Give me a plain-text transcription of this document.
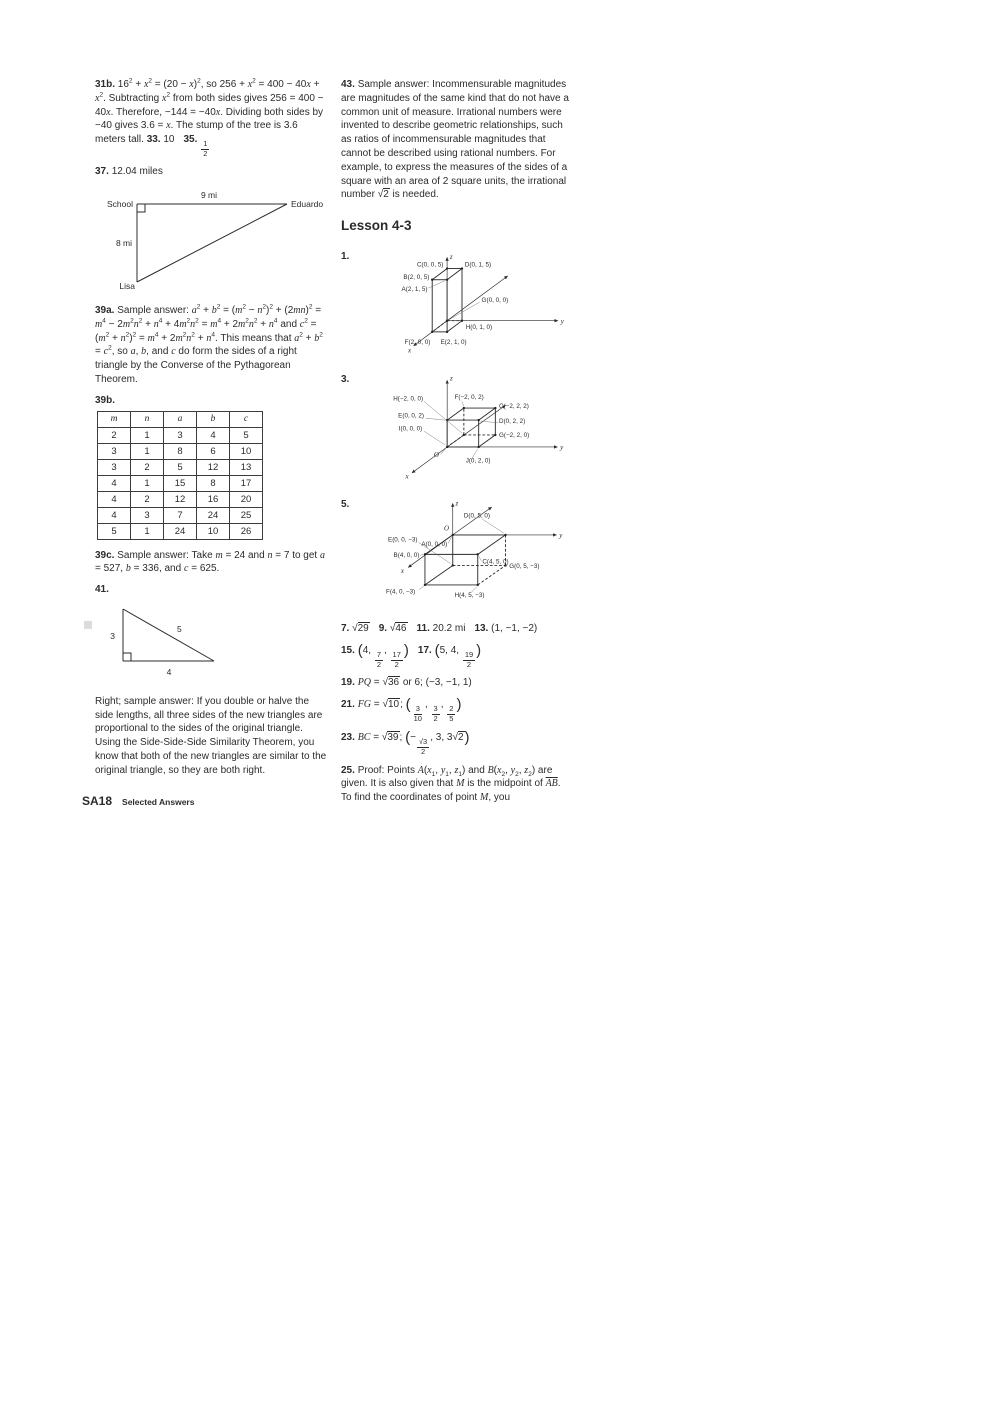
31b. $16^2 + x^2 = (20 - x)^2$, so $256 + x^2 = 400 - 40x + x^2$. Subtracting $x^2$ from both sides gives 256 = 400 − 40x. Therefore, −144 = −40x. Dividing both sides by −40 gives 3.6 = x. The stump of the tree is 3.6 meters tall. 33. 10 35.
$\frac{1}{2}$

37. 12.04 miles

School
9 mi
Eduardo
8 mi
Lisa

39a. Sample answer: $a^2 + b^2 = (m^2 - n^2)^2 + (2mn)^2 = m^4 - 2m^2n^2 + n^4 + 4m^2n^2 = m^4 + 2m^2n^2 + n^4$ and $c^2 = (m^2 + n^2)^2 = m^4 + 2m^2n^2 + n^4$. This means that $a^2 + b^2 = c^2$, so a, b, and c do form the sides of a right triangle by the Converse of the Pythagorean Theorem.

39b.

m	n	a	b	c
2	1	3	4	5
3	1	8	6	10
3	2	5	12	13
4	1	15	8	17
4	2	12	16	20
4	3	7	24	25
5	1	24	10	26

39c. Sample answer: Take m = 24 and n = 7 to get a = 527, b = 336, and c = 625.

41.

3
5
4

Right; sample answer: If you double or halve the side lengths, all three sides of the new triangles are proportional to the sides of the original triangle. Using the Side-Side-Side Similarity Theorem, you know that both of the new triangles are similar to the original triangle, so they are both right.

43. Sample answer: Incommensurable magnitudes are magnitudes of the same kind that do not have a common unit of measure. Irrational numbers were invented to describe geometric relationships, such as ratios of incommensurable magnitudes that cannot be described using rational numbers. For example, to express the measures of the sides of a square with an area of 2 square units, the irrational number √2 is needed.

Lesson 4-3
1.	z
y
x
C(0, 0, 5)	D(0, 1, 5)
B(2, 0, 5)
A(2, 1, 5)
G(0, 0, 0)
H(0, 1, 0)
F(2, 0, 0) E(2, 1, 0)
3.	z
y
x
O
H(−2, 0, 0)	F(−2, 0, 2)
E(0, 0, 2)
C(−2, 2, 2)
D(0, 2, 2)
I(0, 0, 0)
G(−2, 2, 0)
J(0, 2, 0)
5.	z
y
x
O
D(0, 5, 0)
E(0, 0, −3)
B(4, 0, 0)
A(0, 0, 0)
G(0, 5, −3)
C(4, 5, 0)
F(4, 0, −3)
H(4, 5, −3)

7. √29 9. √46 11. 20.2 mi 13. (1, −1, −2)

15. (4,
$\frac{7}{2}$
,
$\frac{17}{2}$
) 17. (5, 4,
$\frac{19}{2}$
)

19. PQ = √36 or 6; (−3, −1, 1)

21. FG = √10; (
$\frac{3}{10}$
,
$\frac{3}{2}$
,
$\frac{2}{5}$
)

23. BC = √39; (−
$\frac{√3}{2}$
, 3, 3√2)

25. Proof: Points $A(x_1$, $y_1$, $z_1$) and $B(x_2$, $y_2$, $z_2$) are given. It is also given that M is the midpoint of $\overline{AB}$. To find the coordinates of point M, you

SA18 Selected Answers
